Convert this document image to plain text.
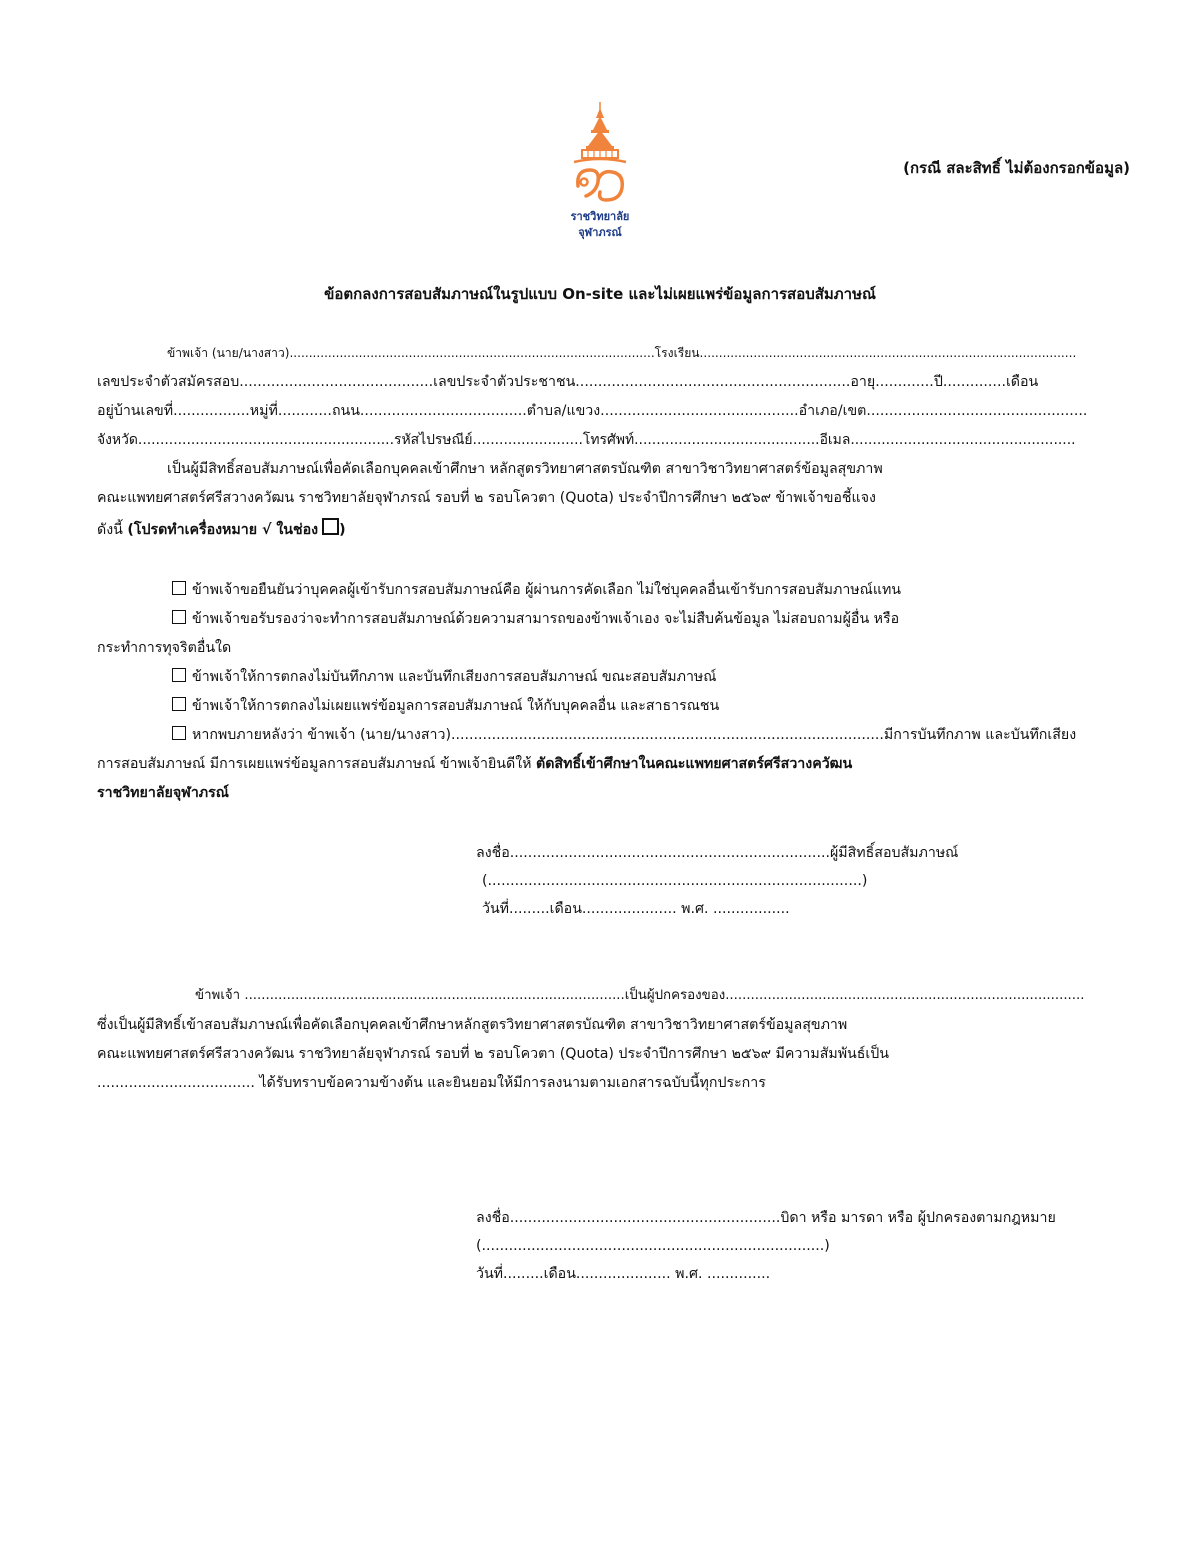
ราชวิทยาลัย
จุฬาภรณ์
(กรณี สละสิทธิ์ ไม่ต้องกรอกข้อมูล)
ข้อตกลงการสอบสัมภาษณ์ในรูปแบบ On-site และไม่เผยแพร่ข้อมูลการสอบสัมภาษณ์
ข้าพเจ้า (นาย/นางสาว)...............................................................................................โรงเรียน..................................................................................................
เลขประจำตัวสมัครสอบ...........................................เลขประจำตัวประชาชน.............................................................อายุ.............ปี..............เดือน
อยู่บ้านเลขที่.................หมู่ที่............ถนน.....................................ตำบล/แขวง............................................อำเภอ/เขต.................................................
จังหวัด..........................................................รหัสไปรษณีย์.........................โทรศัพท์..........................................อีเมล...................................................
เป็นผู้มีสิทธิ์สอบสัมภาษณ์เพื่อคัดเลือกบุคคลเข้าศึกษา หลักสูตรวิทยาศาสตรบัณฑิต สาขาวิชาวิทยาศาสตร์ข้อมูลสุขภาพ
คณะแพทยศาสตร์ศรีสวางควัฒน ราชวิทยาลัยจุฬาภรณ์ รอบที่ ๒ รอบโควตา (Quota) ประจำปีการศึกษา ๒๕๖๙ ข้าพเจ้าขอชี้แจง
ดังนี้ (โปรดทำเครื่องหมาย √ ในช่อง )
ข้าพเจ้าขอยืนยันว่าบุคคลผู้เข้ารับการสอบสัมภาษณ์คือ ผู้ผ่านการคัดเลือก ไม่ใช่บุคคลอื่นเข้ารับการสอบสัมภาษณ์แทน
ข้าพเจ้าขอรับรองว่าจะทำการสอบสัมภาษณ์ด้วยความสามารถของข้าพเจ้าเอง จะไม่สืบค้นข้อมูล ไม่สอบถามผู้อื่น หรือ
กระทำการทุจริตอื่นใด
ข้าพเจ้าให้การตกลงไม่บันทึกภาพ และบันทึกเสียงการสอบสัมภาษณ์ ขณะสอบสัมภาษณ์
ข้าพเจ้าให้การตกลงไม่เผยแพร่ข้อมูลการสอบสัมภาษณ์ ให้กับบุคคลอื่น และสาธารณชน
หากพบภายหลังว่า ข้าพเจ้า (นาย/นางสาว)................................................................................................มีการบันทึกภาพ และบันทึกเสียง
การสอบสัมภาษณ์ มีการเผยแพร่ข้อมูลการสอบสัมภาษณ์ ข้าพเจ้ายินดีให้ ตัดสิทธิ์เข้าศึกษาในคณะแพทยศาสตร์ศรีสวางควัฒน
ราชวิทยาลัยจุฬาภรณ์
ลงชื่อ.......................................................................ผู้มีสิทธิ์สอบสัมภาษณ์
(...................................................................................)
วันที่.........เดือน..................... พ.ศ. .................
ข้าพเจ้า ..........................................................................................เป็นผู้ปกครองของ.....................................................................................
ซึ่งเป็นผู้มีสิทธิ์เข้าสอบสัมภาษณ์เพื่อคัดเลือกบุคคลเข้าศึกษาหลักสูตรวิทยาศาสตรบัณฑิต สาขาวิชาวิทยาศาสตร์ข้อมูลสุขภาพ
คณะแพทยศาสตร์ศรีสวางควัฒน ราชวิทยาลัยจุฬาภรณ์ รอบที่ ๒ รอบโควตา (Quota) ประจำปีการศึกษา ๒๕๖๙ มีความสัมพันธ์เป็น
................................... ได้รับทราบข้อความข้างต้น และยินยอมให้มีการลงนามตามเอกสารฉบับนี้ทุกประการ
ลงชื่อ............................................................บิดา หรือ มารดา หรือ ผู้ปกครองตามกฎหมาย
(............................................................................)
วันที่.........เดือน..................... พ.ศ. ..............
